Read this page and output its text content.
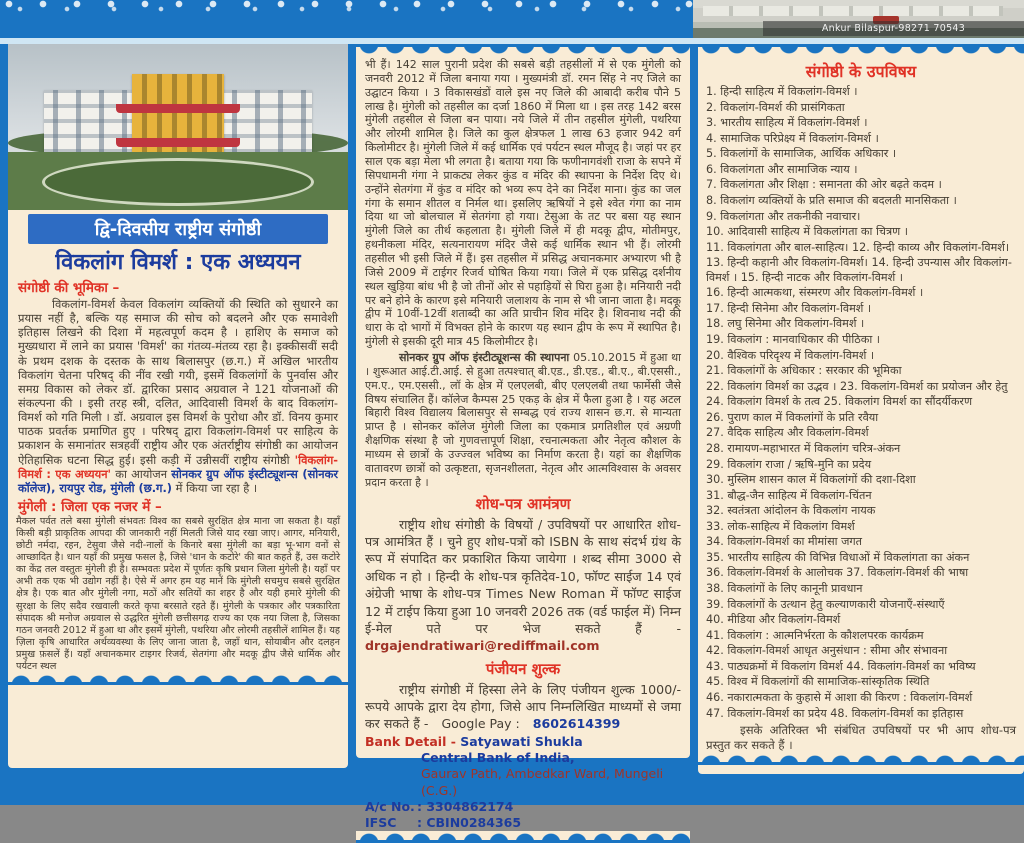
Ankur Bilaspur-98271 70543
द्वि-दिवसीय राष्ट्रीय संगोष्ठी
विकलांग विमर्श : एक अध्ययन
संगोष्ठी की भूमिका –

विकलांग-विमर्श केवल विकलांग व्यक्तियों की स्थिति को सुधारने का प्रयास नहीं है, बल्कि यह समाज की सोच को बदलने और एक समावेशी इतिहास लिखने की दिशा में महत्वपूर्ण कदम है । हाशिए के समाज को मुख्यधारा में लाने का प्रयास 'विमर्श' का गंतव्य-मंतव्य रहा है। इक्कीसवीं सदी के प्रथम दशक के दस्तक के साथ बिलासपुर (छ.ग.) में अखिल भारतीय विकलांग चेतना परिषद् की नींव रखी गयी, इसमें विकलांगों के पुनर्वास और समग्र विकास को लेकर डॉ. द्वारिका प्रसाद अग्रवाल ने 121 योजनाओं की संकल्पना की । इसी तरह स्त्री, दलित, आदिवासी विमर्श के बाद विकलांग-विमर्श को गति मिली । डॉ. अग्रवाल इस विमर्श के पुरोधा और डॉ. विनय कुमार पाठक प्रवर्तक प्रमाणित हुए । परिषद् द्वारा विकलांग-विमर्श पर साहित्य के प्रकाशन के समानांतर सत्रहवीं राष्ट्रीय और एक अंतर्राष्ट्रीय संगोष्ठी का आयोजन ऐतिहासिक घटना सिद्ध हुई। इसी कड़ी में उन्नीसवीं राष्ट्रीय संगोष्ठी 'विकलांग-विमर्श : एक अध्ययन' का आयोजन सोनकर ग्रुप ऑफ इंस्टीट्यूशन्स (सोनकर कॉलेज), रायपुर रोड, मुंगेली (छ.ग.) में किया जा रहा है ।

मुंगेली : जिला एक नजर में –

मैकल पर्वत तले बसा मुंगेली संभवतः विश्व का सबसे सुरक्षित क्षेत्र माना जा सकता है। यहाँ किसी बड़ी प्राकृतिक आपदा की जानकारी नहीं मिलती जिसे याद रखा जाए। आगर, मनियारी, छोटी नर्मदा, रहन, टेसुवा जैसे नदी-नालों के किनारे बसा मुंगेली का बड़ा भू-भाग वनों से आच्छादित है। धान यहाँ की प्रमुख फसल है, जिसे 'धान के कटोरे' की बात कहते हैं, उस कटोरे का केंद्र तल वस्तुतः मुंगेली ही है। सम्भवतः प्रदेश में पूर्णतः कृषि प्रधान जिला मुंगेली है। यहाँ पर अभी तक एक भी उद्योग नहीं है। ऐसे में अगर हम यह मानें कि मुंगेली सचमुच सबसे सुरक्षित क्षेत्र है। एक बात और मुंगेली नगा, मठों और सतियों का शहर है और यही हमारे मुंगेली की सुरक्षा के लिए सदैव रखवाली करते कृपा बरसाते रहते हैं। मुंगेली के पत्रकार और पत्रकारिता संपादक श्री मनोज अग्रवाल से उद्धरित मुंगेली छत्तीसगढ़ राज्य का एक नया जिला है, जिसका गठन जनवरी 2012 में हुआ था और इसमें मुंगेली, पथरिया और लोरमी तहसीलें शामिल हैं। यह ज़िला कृषि आधारित अर्थव्यवस्था के लिए जाना जाता है, जहाँ धान, सोयाबीन और दलहन प्रमुख फ़सलें हैं। यहाँ अचानकमार टाइगर रिजर्व, सेतगंगा और मदकू द्वीप जैसे धार्मिक और पर्यटन स्थल

भी हैं। 142 साल पुरानी प्रदेश की सबसे बड़ी तहसीलों में से एक मुंगेली को जनवरी 2012 में जिला बनाया गया । मुख्यमंत्री डॉ. रमन सिंह ने नए जिले का उद्घाटन किया । 3 विकासखंडों वाले इस नए जिले की आबादी करीब पौने 5 लाख है। मुंगेली को तहसील का दर्जा 1860 में मिला था । इस तरह 142 बरस मुंगेली तहसील से जिला बन पाया। नये जिले में तीन तहसील मुंगेली, पथरिया और लोरमी शामिल है। जिले का कुल क्षेत्रफल 1 लाख 63 हजार 942 वर्ग किलोमीटर है। मुंगेली जिले में कई धार्मिक एवं पर्यटन स्थल मौजूद है। जहां पर हर साल एक बड़ा मेला भी लगता है। बताया गया कि फणीनागवंशी राजा के सपने में सिपधामनी गंगा ने प्राकट्य लेकर कुंड व मंदिर की स्थापना के निर्देश दिए थे। उन्होंने सेतगंगा में कुंड व मंदिर को भव्य रूप देने का निर्देश माना। कुंड का जल गंगा के समान शीतल व निर्मल था। इसलिए ऋषियों ने इसे श्वेत गंगा का नाम दिया था जो बोलचाल में सेतगंगा हो गया। टेसुआ के तट पर बसा यह स्थान मुंगेली जिले का तीर्थ कहलाता है। मुंगेली जिले में ही मदकू द्वीप, मोतीमपुर, हथनीकला मंदिर, सत्यनारायण मंदिर जैसे कई धार्मिक स्थान भी हैं। लोरमी तहसील भी इसी जिले में हैं। इस तहसील में प्रसिद्ध अचानकमार अभ्यारण भी है जिसे 2009 में टाईगर रिजर्व घोषित किया गया। जिले में एक प्रसिद्ध दर्शनीय स्थल खुड़िया बांध भी है जो तीनों ओर से पहाड़ियों से घिरा हुआ है। मनियारी नदी पर बने होने के कारण इसे मनियारी जलाशय के नाम से भी जाना जाता है। मदकू द्वीप में 10वीं-12वीं शताब्दी का अति प्राचीन शिव मंदिर है। शिवनाथ नदी की धारा के दो भागों में विभक्त होने के कारण यह स्थान द्वीप के रूप में स्थापित है। मुंगेली से इसकी दूरी मात्र 45 किलोमीटर है।

सोनकर ग्रुप ऑफ इंस्टीट्यूशन्स की स्थापना 05.10.2015 में हुआ था । शुरूआत आई.टी.आई. से हुआ तत्पश्चात् बी.एड., डी.एड., बी.ए., बी.एससी., एम.ए., एम.एससी., लॉ के क्षेत्र में एलएलबी, बीए एलएलबी तथा फार्मेसी जैसे विषय संचालित हैं। कॉलेज कैम्पस 25 एकड़ के क्षेत्र में फैला हुआ है । यह अटल बिहारी विश्व विद्यालय बिलासपुर से सम्बद्ध एवं राज्य शासन छ.ग. से मान्यता प्राप्त है । सोनकर कॉलेज मुंगेली जिला का एकमात्र प्रगतिशील एवं अग्रणी शैक्षणिक संस्था है जो गुणवत्तापूर्ण शिक्षा, रचनात्मकता और नेतृत्व कौशल के माध्यम से छात्रों के उज्ज्वल भविष्य का निर्माण करता है। यहां का शैक्षणिक वातावरण छात्रों को उत्कृष्टता, सृजनशीलता, नेतृत्व और आत्मविश्वास के अवसर प्रदान करता है ।

शोध-पत्र आमंत्रण

राष्ट्रीय शोध संगोष्ठी के विषयों / उपविषयों पर आधारित शोध-पत्र आमंत्रित हैं । चुने हुए शोध-पत्रों को ISBN के साथ संदर्भ ग्रंथ के रूप में संपादित कर प्रकाशित किया जायेगा । शब्द सीमा 3000 से अधिक न हो । हिन्दी के शोध-पत्र कृतिदेव-10, फॉण्ट साईज 14 एवं अंग्रेजी भाषा के शोध-पत्र Times New Roman में फॉण्ट साईज 12 में टाईप किया हुआ 10 जनवरी 2026 तक (वर्ड फाईल में) निम्न ई-मेल पते पर भेज सकते हैं - drgajendratiwari@rediffmail.com

पंजीयन शुल्क

राष्ट्रीय संगोष्ठी में हिस्सा लेने के लिए पंजीयन शुल्क 1000/- रूपये आपके द्वारा देय होगा, जिसे आप निम्नलिखित माध्यमों से जमा कर सकते हैं - Google Pay : 8602614399

Bank Detail - Satyawati Shukla
Central Bank of India,
Gaurav Path, Ambedkar Ward, Mungeli (C.G.)
A/c No. : 3304862174
IFSC	: CBIN0284365
संगोष्ठी के उपविषय
1. हिन्दी साहित्य में विकलांग-विमर्श ।
2. विकलांग-विमर्श की प्रासंगिकता
3. भारतीय साहित्य में विकलांग-विमर्श ।
4. सामाजिक परिप्रेक्ष्य में विकलांग-विमर्श ।
5. विकलांगों के सामाजिक, आर्थिक अधिकार ।
6. विकलांगता और सामाजिक न्याय ।
7. विकलांगता और शिक्षा : समानता की ओर बढ़ते कदम ।
8. विकलांग व्यक्तियों के प्रति समाज की बदलती मानसिकता ।
9. विकलांगता और तकनीकी नवाचार।
10. आदिवासी साहित्य में विकलांगता का चित्रण ।
11. विकलांगता और बाल-साहित्य। 12. हिन्दी काव्य और विकलांग-विमर्श।
13. हिन्दी कहानी और विकलांग-विमर्श। 14. हिन्दी उपन्यास और विकलांग-विमर्श । 15. हिन्दी नाटक और विकलांग-विमर्श ।
16. हिन्दी आत्मकथा, संस्मरण और विकलांग-विमर्श ।
17. हिन्दी सिनेमा और विकलांग-विमर्श ।
18. लघु सिनेमा और विकलांग-विमर्श ।
19. विकलांग : मानवाधिकार की पीठिका ।
20. वैश्विक परिदृश्य में विकलांग-विमर्श ।
21. विकलांगों के अधिकार : सरकार की भूमिका
22. विकलांग विमर्श का उद्भव । 23. विकलांग-विमर्श का प्रयोजन और हेतु
24. विकलांग विमर्श के तत्व 25. विकलांग विमर्श का सौंदर्यीकरण
26. पुराण काल में विकलांगों के प्रति रवैया
27. वैदिक साहित्य और विकलांग-विमर्श
28. रामायण-महाभारत में विकलांग चरित्र-अंकन
29. विकलांग राजा / ऋषि-मुनि का प्रदेय
30. मुस्लिम शासन काल में विकलांगों की दशा-दिशा
31. बौद्ध-जैन साहित्य में विकलांग-चिंतन
32. स्वतंत्रता आंदोलन के विकलांग नायक
33. लोक-साहित्य में विकलांग विमर्श
34. विकलांग-विमर्श का मीमांसा जगत
35. भारतीय साहित्य की विभिन्न विधाओं में विकलांगता का अंकन
36. विकलांग-विमर्श के आलोचक 37. विकलांग-विमर्श की भाषा
38. विकलांगों के लिए कानूनी प्रावधान
39. विकलांगों के उत्थान हेतु कल्याणकारी योजनाएँ-संस्थाएँ
40. मीडिया और विकलांग-विमर्श
41. विकलांग : आत्मनिर्भरता के कौशलपरक कार्यक्रम
42. विकलांग-विमर्श आधृत अनुसंधान : सीमा और संभावना
43. पाठ्यक्रमों में विकलांग विमर्श 44. विकलांग-विमर्श का भविष्य
45. विश्व में विकलांगों की सामाजिक-सांस्कृतिक स्थिति
46. नकारात्मकता के कुहासे में आशा की किरण : विकलांग-विमर्श
47. विकलांग-विमर्श का प्रदेय 48. विकलांग-विमर्श का इतिहास

इसके अतिरिक्त भी संबंधित उपविषयों पर भी आप शोध-पत्र प्रस्तुत कर सकते हैं ।
